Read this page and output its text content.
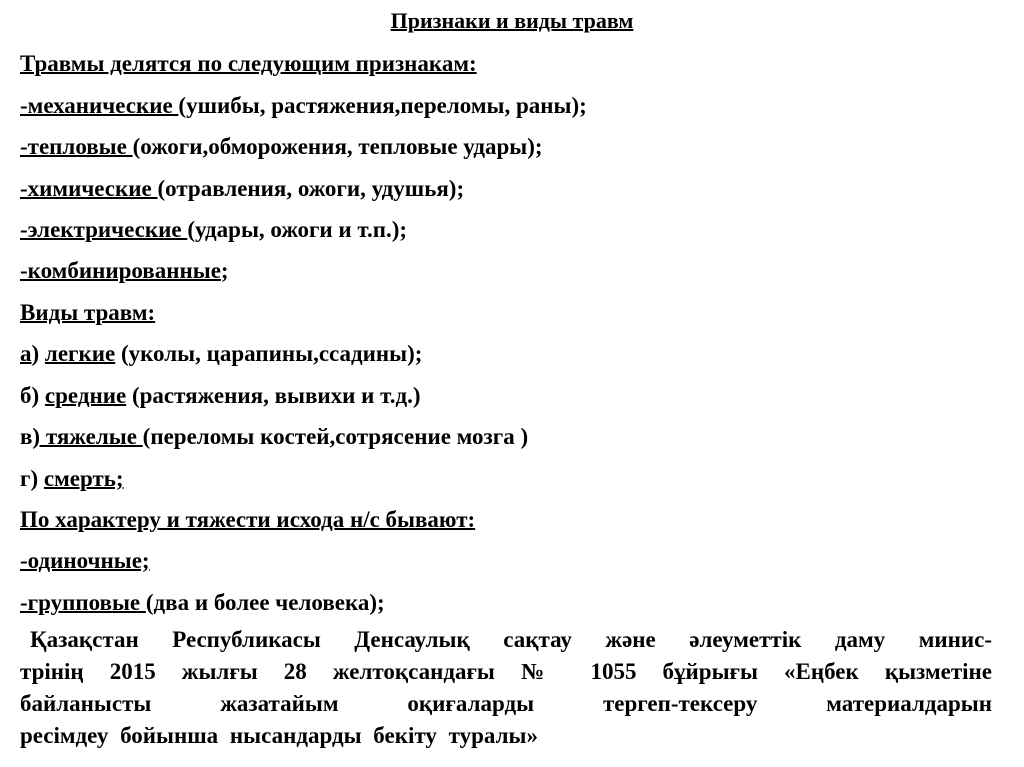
Признаки и виды травм
Травмы делятся по следующим признакам:
-механические (ушибы, растяжения,переломы, раны);
-тепловые (ожоги,обморожения, тепловые удары);
-химические (отравления, ожоги, удушья);
-электрические (удары, ожоги и т.п.);
-комбинированные;
Виды травм:
а) легкие (уколы, царапины,ссадины);
б) средние (растяжения, вывихи и т.д.)
в) тяжелые (переломы костей,сотрясение мозга )
г) смерть;
По характеру и тяжести исхода н/с бывают:
-одиночные;
-групповые (два и более человека);
Қазақстан Республикасы Денсаулық сақтау және әлеуметтік даму минис-
трінің 2015 жылғы 28 желтоқсандағы № 1055 бұйрығы «Еңбек қызметіне
байланысты жазатайым оқиғаларды тергеп-тексеру материалдарын
ресімдеу бойынша нысандарды бекіту туралы»
